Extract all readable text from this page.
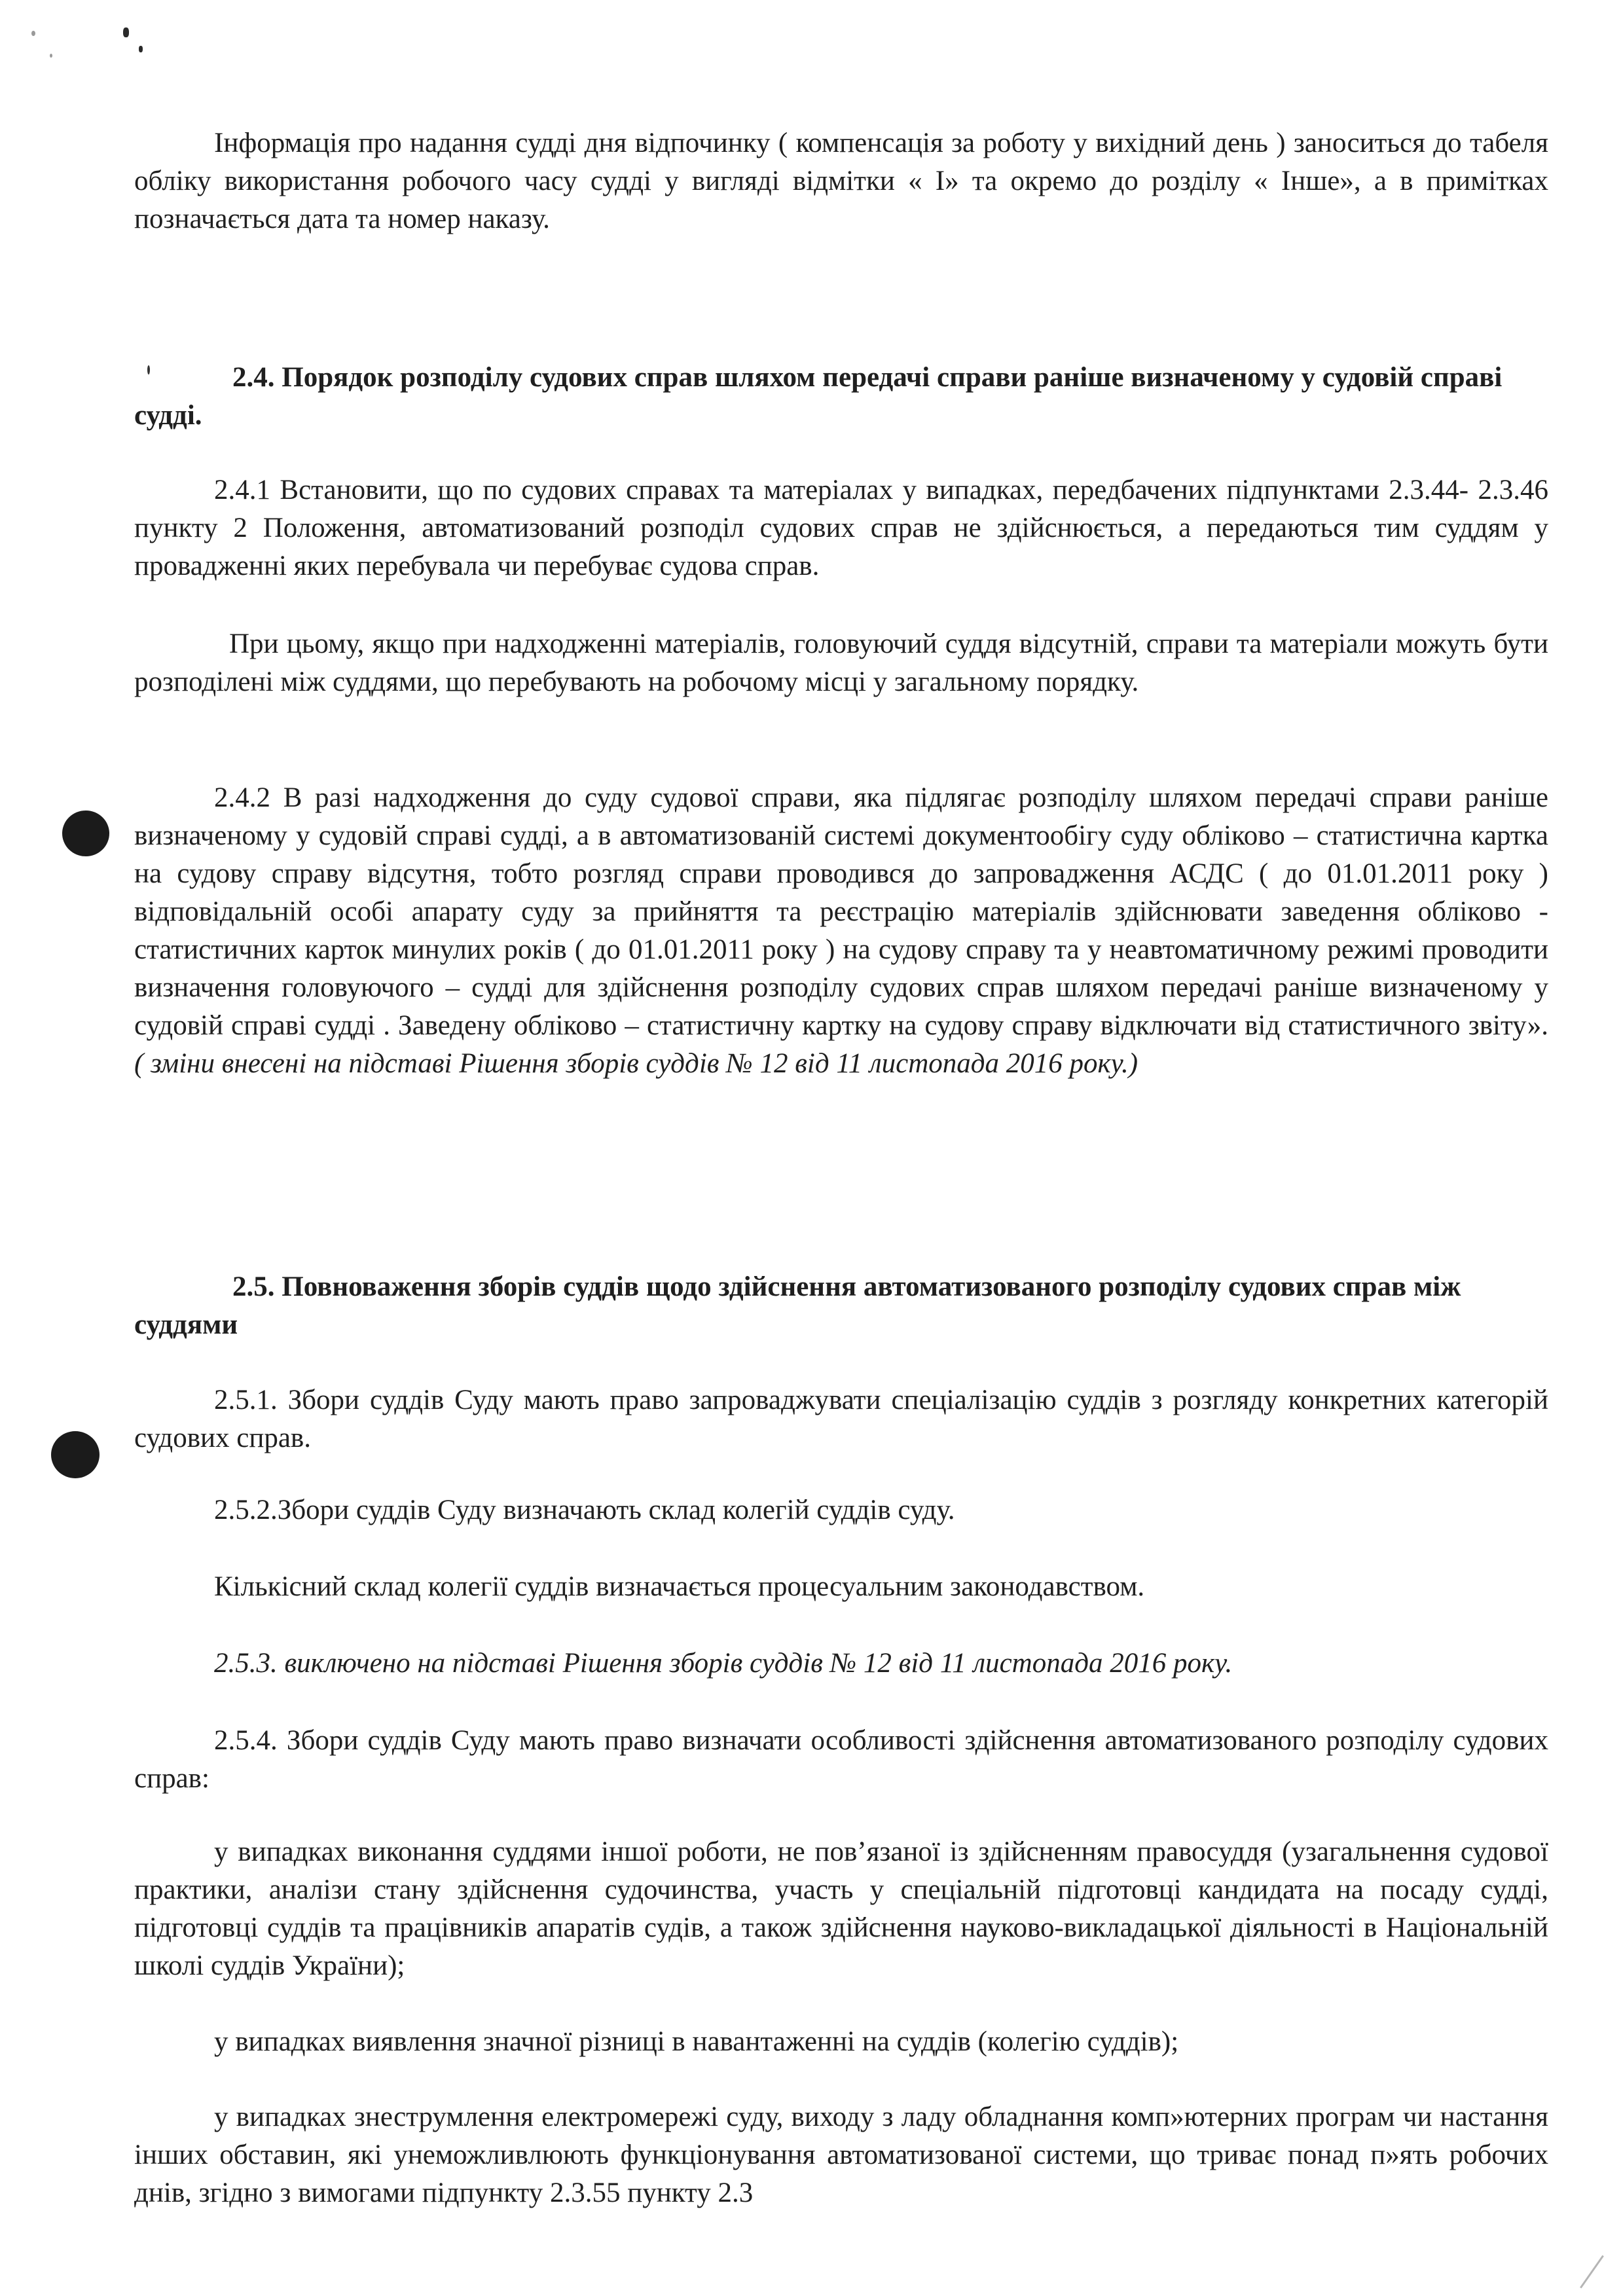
Інформація про надання судді дня відпочинку ( компенсація за роботу у вихідний день ) заноситься до табеля обліку використання робочого часу судді у вигляді відмітки « І» та окремо до розділу « Інше», а в примітках позначається дата та номер наказу.

2.4. Порядок розподілу судових справ шляхом передачі справи раніше визначеному у судовій справі судді.

2.4.1 Встановити, що по судових справах та матеріалах у випадках, передбачених підпунктами 2.3.44- 2.3.46 пункту 2 Положення, автоматизований розподіл судових справ не здійснюється, а передаються тим суддям у провадженні яких перебувала чи перебуває судова справ.

При цьому, якщо при надходженні матеріалів, головуючий суддя відсутній, справи та матеріали можуть бути розподілені між суддями, що перебувають на робочому місці у загальному порядку.

2.4.2 В разі надходження до суду судової справи, яка підлягає розподілу шляхом передачі справи раніше визначеному у судовій справі судді, а в автоматизованій системі документообігу суду обліково – статистична картка на судову справу відсутня, тобто розгляд справи проводився до запровадження АСДС ( до 01.01.2011 року ) відповідальній особі апарату суду за прийняття та реєстрацію матеріалів здійснювати заведення обліково - статистичних карток минулих років ( до 01.01.2011 року ) на судову справу та у неавтоматичному режимі проводити визначення головуючого – судді для здійснення розподілу судових справ шляхом передачі раніше визначеному у судовій справі судді . Заведену обліково – статистичну картку на судову справу відключати від статистичного звіту». ( зміни внесені на підставі Рішення зборів суддів № 12 від 11 листопада 2016 року.)

2.5. Повноваження зборів суддів щодо здійснення автоматизованого розподілу судових справ між суддями

2.5.1. Збори суддів Суду мають право запроваджувати спеціалізацію суддів з розгляду конкретних категорій судових справ.

2.5.2.Збори суддів Суду визначають склад колегій суддів суду.

Кількісний склад колегії суддів визначається процесуальним законодавством.

2.5.3. виключено на підставі Рішення зборів суддів № 12 від 11 листопада 2016 року.

2.5.4. Збори суддів Суду мають право визначати особливості здійснення автоматизованого розподілу судових справ:

у випадках виконання суддями іншої роботи, не пов’язаної із здійсненням правосуддя (узагальнення судової практики, аналізи стану здійснення судочинства, участь у спеціальній підготовці кандидата на посаду судді, підготовці суддів та працівників апаратів судів, а також здійснення науково-викладацької діяльності в Національній школі суддів України);

у випадках виявлення значної різниці в навантаженні на суддів (колегію суддів);

у випадках знеструмлення електромережі суду, виходу з ладу обладнання комп»ютерних програм чи настання інших обставин, які унеможливлюють функціонування автоматизованої системи, що триває понад п»ять робочих днів, згідно з вимогами підпункту 2.3.55 пункту 2.3
